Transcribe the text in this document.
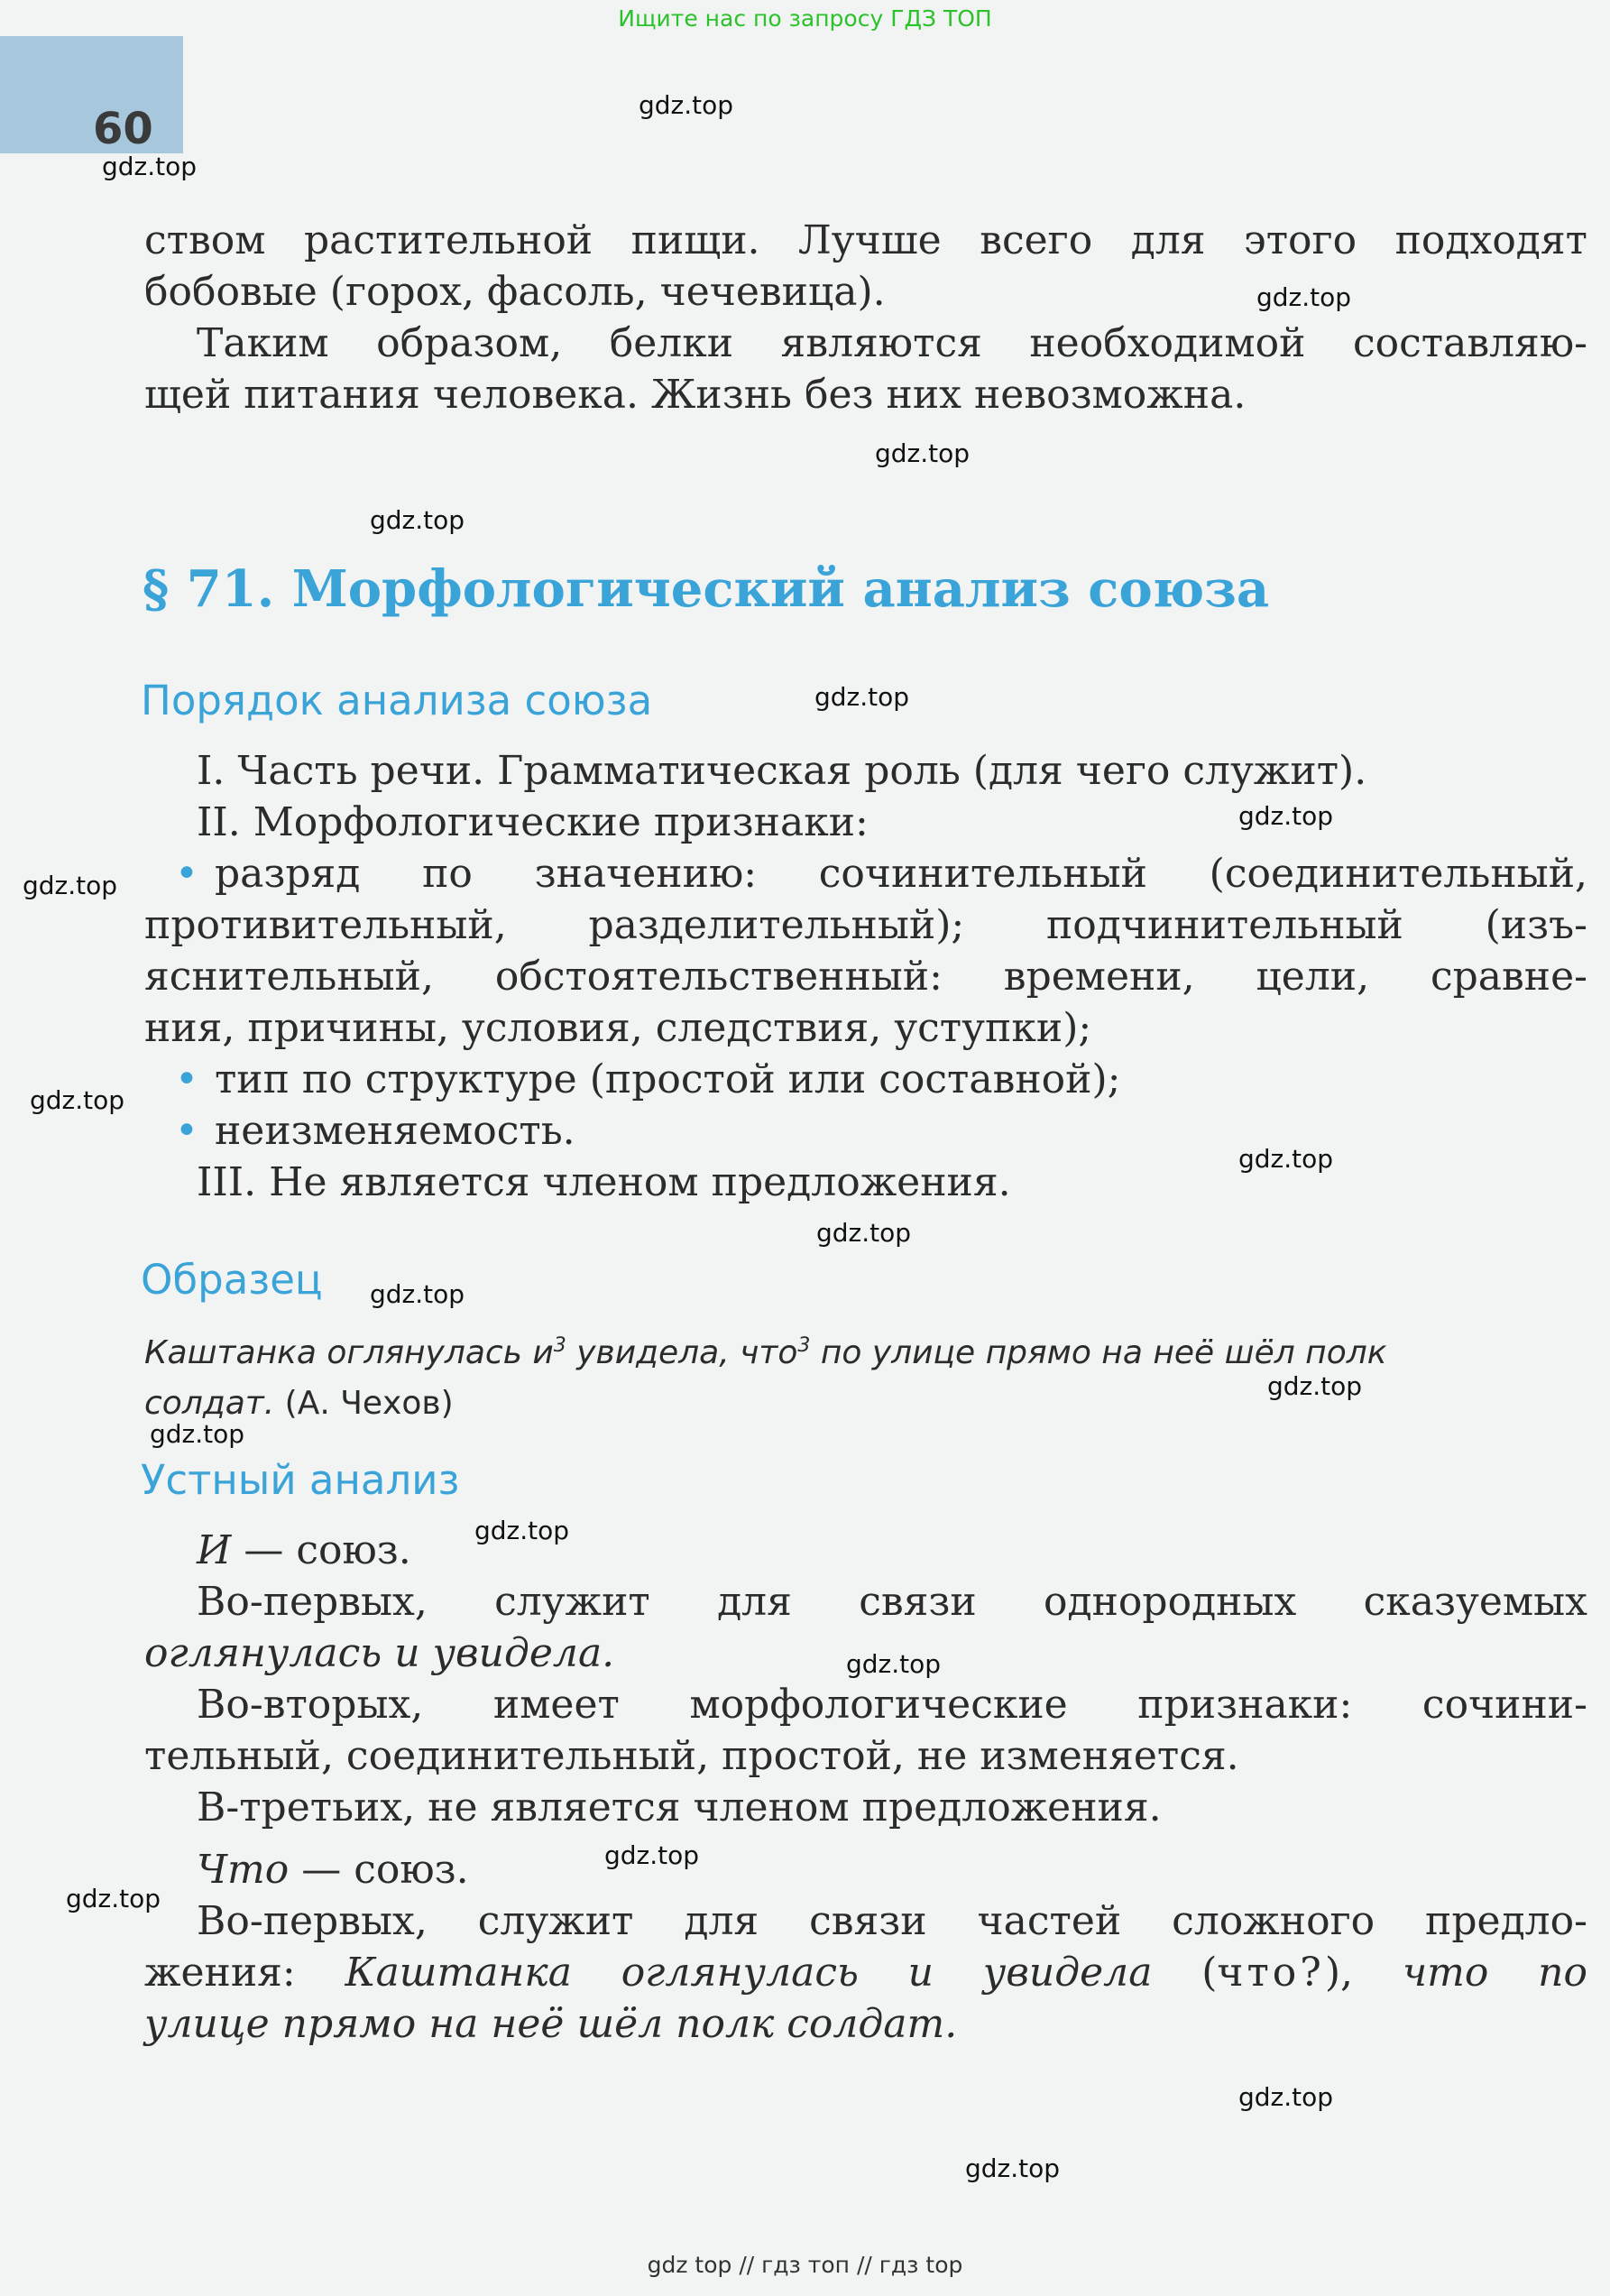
Ищите нас по запросу ГДЗ ТОП
60

ством растительной пищи. Лучше всего для этого подходят

бобовые (горох, фасоль, чечевица).

Таким образом, белки являются необходимой составляю-

щей питания человека. Жизнь без них невозможна.

§ 71. Морфологический анализ союза
Порядок анализа союза

I. Часть речи. Грамматическая роль (для чего служит).

II. Морфологические признаки:

• разряд по значению: сочинительный (соединительный,

противительный, разделительный); подчинительный (изъ-

яснительный, обстоятельственный: времени, цели, сравне-

ния, причины, условия, следствия, уступки);

• тип по структуре (простой или составной);

• неизменяемость.

III. Не является членом предложения.

Образец
Каштанка оглянулась $и^3$ увидела, что$^3$ по улице прямо на неё шёл полк
солдат. (А. Чехов)
Устный анализ

И — союз.

Во-первых, служит для связи однородных сказуемых

оглянулась и увидела.

Во-вторых, имеет морфологические признаки: сочини-

тельный, соединительный, простой, не изменяется.

В-третьих, не является членом предложения.

Что — союз.

Во-первых, служит для связи частей сложного предло-

жения: Каштанка оглянулась и увидела (что?), что по

улице прямо на неё шёл полк солдат.

gdz.top
gdz.top
gdz.top
gdz.top
gdz.top
gdz.top
gdz.top
gdz.top
gdz.top
gdz.top
gdz.top
gdz.top
gdz.top
gdz.top
gdz.top
gdz.top
gdz.top
gdz.top
gdz.top
gdz.top
gdz top // гдз топ // гдз top
